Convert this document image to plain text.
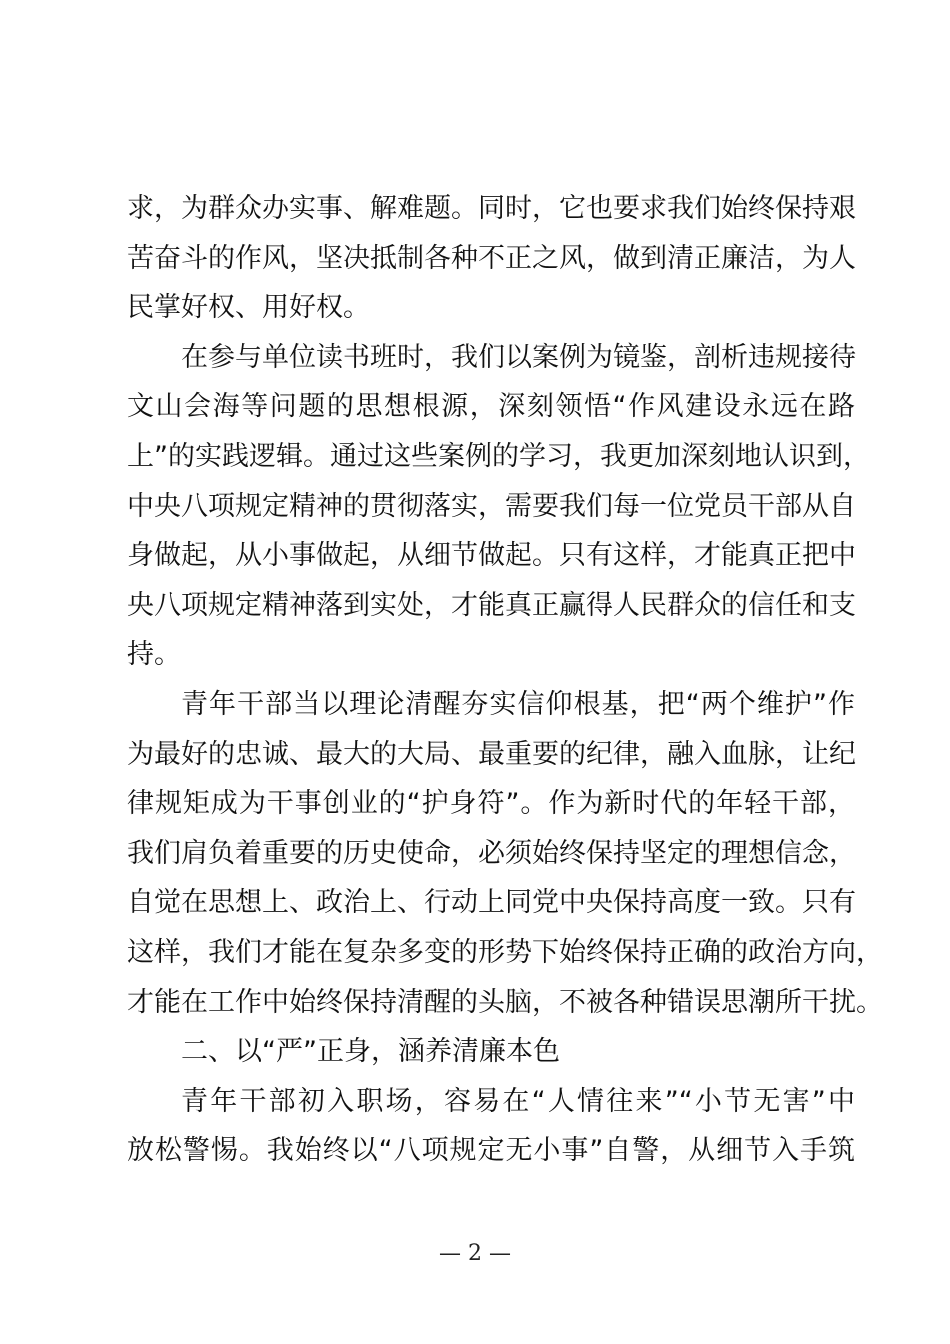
求，为群众办实事、解难题。同时，它也要求我们始终保持艰
苦奋斗的作风，坚决抵制各种不正之风，做到清正廉洁，为人
民掌好权、用好权。
在参与单位读书班时，我们以案例为镜鉴，剖析违规接待
文山会海等问题的思想根源，深刻领悟“作风建设永远在路
上”的实践逻辑。通过这些案例的学习，我更加深刻地认识到，
中央八项规定精神的贯彻落实，需要我们每一位党员干部从自
身做起，从小事做起，从细节做起。只有这样，才能真正把中
央八项规定精神落到实处，才能真正赢得人民群众的信任和支
持。
青年干部当以理论清醒夯实信仰根基，把“两个维护”作
为最好的忠诚、最大的大局、最重要的纪律，融入血脉，让纪
律规矩成为干事创业的“护身符”。作为新时代的年轻干部，
我们肩负着重要的历史使命，必须始终保持坚定的理想信念，
自觉在思想上、政治上、行动上同党中央保持高度一致。只有
这样，我们才能在复杂多变的形势下始终保持正确的政治方向，
才能在工作中始终保持清醒的头脑，不被各种错误思潮所干扰。
二、以“严”正身，涵养清廉本色
青年干部初入职场，容易在“人情往来”“小节无害”中
放松警惕。我始终以“八项规定无小事”自警，从细节入手筑
— 2 —
